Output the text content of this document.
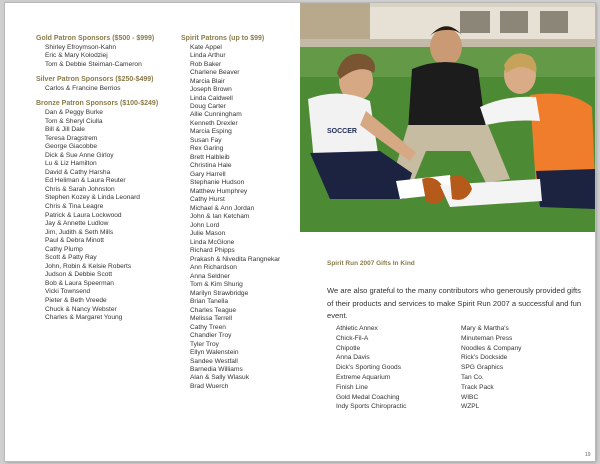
Gold Patron Sponsors ($500 - $999)
Shirley Efroymson-Kahn
Eric & Mary Kolodziej
Tom & Debbie Steiman-Cameron
Silver Patron Sponsors ($250-$499)
Carlos & Francine Berrios
Bronze Patron Sponsors ($100-$249)
Dan & Peggy Burke
Tom & Sheryl Ciulla
Bill & Jill Dale
Teresa Dragstrem
George Giacobbe
Dick & Sue Anne Girloy
Lu & Liz Hamilton
David & Cathy Harsha
Ed Heliman & Laura Reuter
Chris & Sarah Johnston
Stephen Kozey & Linda Leonard
Chris & Tina Leagre
Patrick & Laura Lockwood
Jay & Annette Ludlow
Jim, Judith & Seth Mills
Paul & Debra Minott
Cathy Plump
Scott & Patty Ray
John, Robin & Kelsie Roberts
Judson & Debbie Scott
Bob & Laura Speerman
Vicki Townsend
Pieter & Beth Vreede
Chuck & Nancy Webster
Charles & Margaret Young
Spirit Patrons (up to $99)
Kate Appel
Linda Arthur
Rob Baker
Charlene Beaver
Marcia Blair
Joseph Brown
Linda Caldwell
Doug Carter
Allie Cunningham
Kenneth Drexler
Marcia Esping
Susan Fay
Rex Garing
Brett Halbleib
Christina Hale
Gary Harrell
Stephanie Hudson
Matthew Humphrey
Cathy Hurst
Michael & Ann Jordan
John & Ian Ketcham
John Lord
Julie Mason
Linda McGlone
Richard Phipps
Prakash & Nivedita Rangnekar
Ann Richardson
Anna Seldner
Tom & Kim Shurig
Marilyn Strawbridge
Brian Tanella
Charles Teague
Melissa Terrell
Cathy Treen
Chandler Troy
Tyler Troy
Ellyn Walenstein
Sandee Westfall
Barnedia Williams
Alan & Sally Wlasuk
Brad Wuerch
SOCCER
Spirit Run 2007 Gifts In Kind
We are also grateful to the many contributors who generously provided gifts of their products and services to make Spirit Run 2007 a successful and fun event.
Athletic Annex
Chick-Fil-A
Chipotle
Anna Davis
Dick's Sporting Goods
Extreme Aquarium
Finish Line
Gold Medal Coaching
Indy Sports Chiropractic
Mary & Martha's
Minuteman Press
Noodles & Company
Rick's Dockside
SPG Graphics
Tan Co.
Track Pack
WIBC
WZPL
19
